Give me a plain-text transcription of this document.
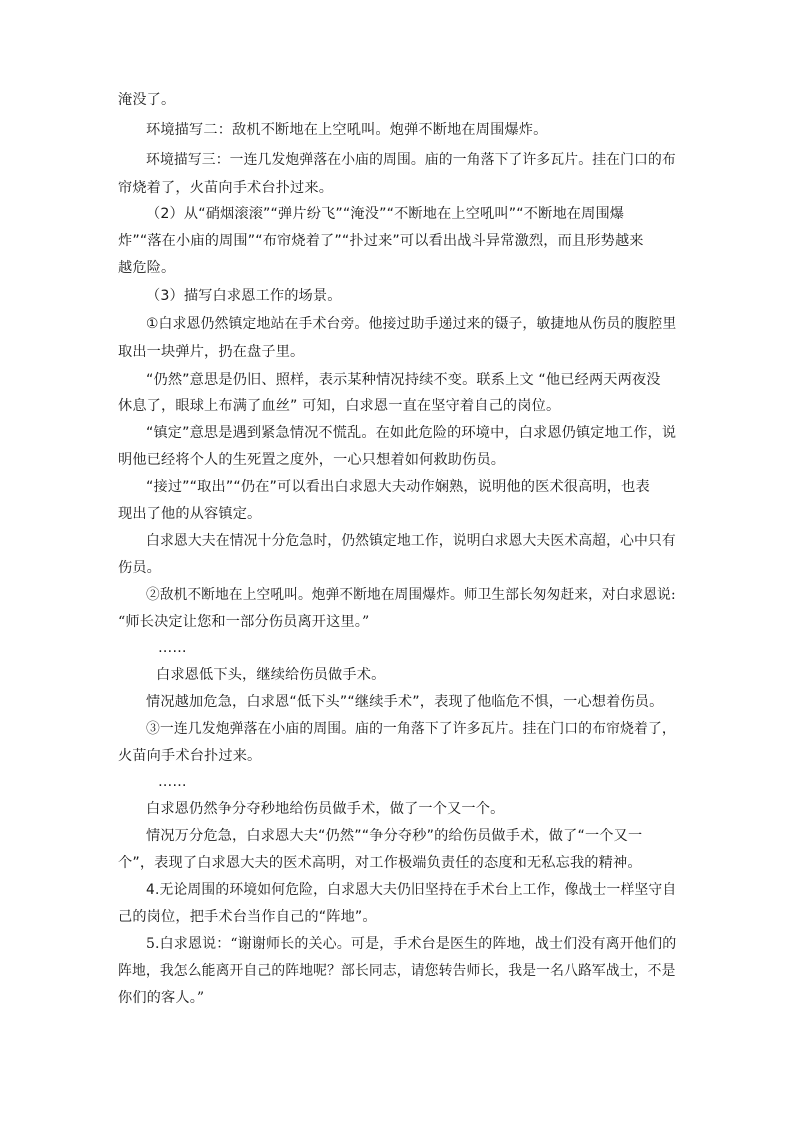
淹没了。
环境描写二：敌机不断地在上空吼叫。炮弹不断地在周围爆炸。
环境描写三：一连几发炮弹落在小庙的周围。庙的一角落下了许多瓦片。挂在门口的布
帘烧着了，火苗向手术台扑过来。
（2）从“硝烟滚滚”“弹片纷飞”“淹没”“不断地在上空吼叫”“不断地在周围爆
炸”“落在小庙的周围”“布帘烧着了”“扑过来”可以看出战斗异常激烈，而且形势越来
越危险。
（3）描写白求恩工作的场景。
①白求恩仍然镇定地站在手术台旁。他接过助手递过来的镊子，敏捷地从伤员的腹腔里
取出一块弹片，扔在盘子里。
“仍然”意思是仍旧、照样，表示某种情况持续不变。联系上文 “他已经两天两夜没
休息了，眼球上布满了血丝” 可知，白求恩一直在坚守着自己的岗位。
“镇定”意思是遇到紧急情况不慌乱。在如此危险的环境中，白求恩仍镇定地工作，说
明他已经将个人的生死置之度外，一心只想着如何救助伤员。
“接过”“取出”“仍在”可以看出白求恩大夫动作娴熟，说明他的医术很高明，也表
现出了他的从容镇定。
白求恩大夫在情况十分危急时，仍然镇定地工作，说明白求恩大夫医术高超，心中只有
伤员。
②敌机不断地在上空吼叫。炮弹不断地在周围爆炸。师卫生部长匆匆赶来，对白求恩说:
“师长决定让您和一部分伤员离开这里。”
……
白求恩低下头，继续给伤员做手术。
情况越加危急，白求恩“低下头”“继续手术”，表现了他临危不惧，一心想着伤员。
③一连几发炮弹落在小庙的周围。庙的一角落下了许多瓦片。挂在门口的布帘烧着了，
火苗向手术台扑过来。
……
白求恩仍然争分夺秒地给伤员做手术，做了一个又一个。
情况万分危急，白求恩大夫“仍然”“争分夺秒”的给伤员做手术，做了“一个又一
个”，表现了白求恩大夫的医术高明，对工作极端负责任的态度和无私忘我的精神。
4.无论周围的环境如何危险，白求恩大夫仍旧坚持在手术台上工作，像战士一样坚守自
己的岗位，把手术台当作自己的“阵地”。
5.白求恩说：“谢谢师长的关心。可是，手术台是医生的阵地，战士们没有离开他们的
阵地，我怎么能离开自己的阵地呢？部长同志，请您转告师长，我是一名八路军战士，不是
你们的客人。”
